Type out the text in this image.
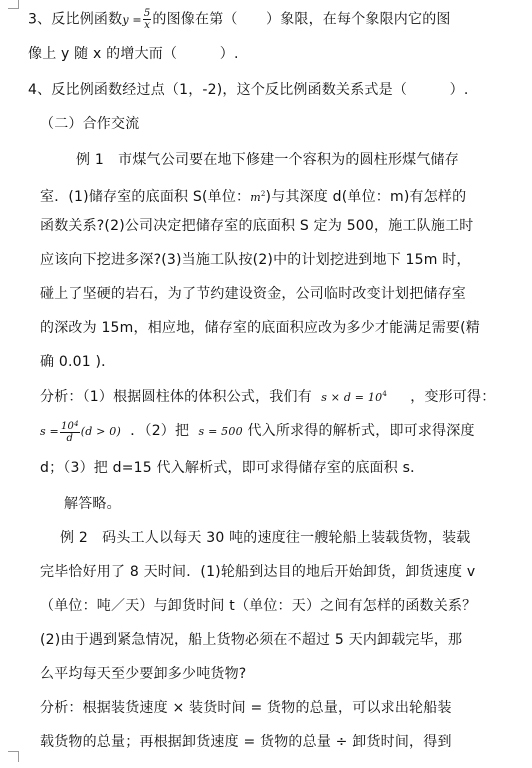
3、反比例函数$y = \frac{5}{x}$ 的图像在第（　　）象限，在每个象限内它的图
像上 y 随 x 的增大而（　　　）.
4、反比例函数经过点（1，-2)，这个反比例函数关系式是（　　　）.
（二）合作交流
例 1　市煤气公司要在地下修建一个容积为的圆柱形煤气储存
室．(1)储存室的底面积 S(单位：$m^2$)与其深度 d(单位：m)有怎样的
函数关系?(2)公司决定把储存室的底面积 S 定为 500，施工队施工时
应该向下挖进多深?(3)当施工队按(2)中的计划挖进到地下 15m 时，
碰上了坚硬的岩石，为了节约建设资金，公司临时改变计划把储存室
的深改为 15m，相应地，储存室的底面积应改为多少才能满足需要(精
确 0.01 )．
分析：（1）根据圆柱体的体积公式，我们有 $s \times d = 10^4$ ，变形可得：
$s = \frac{10^4}{d} (d > 0)$ ．（2）把 s = 500 代入所求得的解析式，即可求得深度
d；（3）把 d=15 代入解析式，即可求得储存室的底面积 s．
解答略。
例 2　码头工人以每天 30 吨的速度往一艘轮船上装载货物，装载
完毕恰好用了 8 天时间．(1)轮船到达目的地后开始卸货，卸货速度 v
（单位：吨／天）与卸货时间 t（单位：天）之间有怎样的函数关系？
(2)由于遇到紧急情况，船上货物必须在不超过 5 天内卸载完毕，那
么平均每天至少要卸多少吨货物?
分析：根据装货速度 × 装货时间 = 货物的总量，可以求出轮船装
载货物的总量；再根据卸货速度 = 货物的总量 ÷ 卸货时间，得到
